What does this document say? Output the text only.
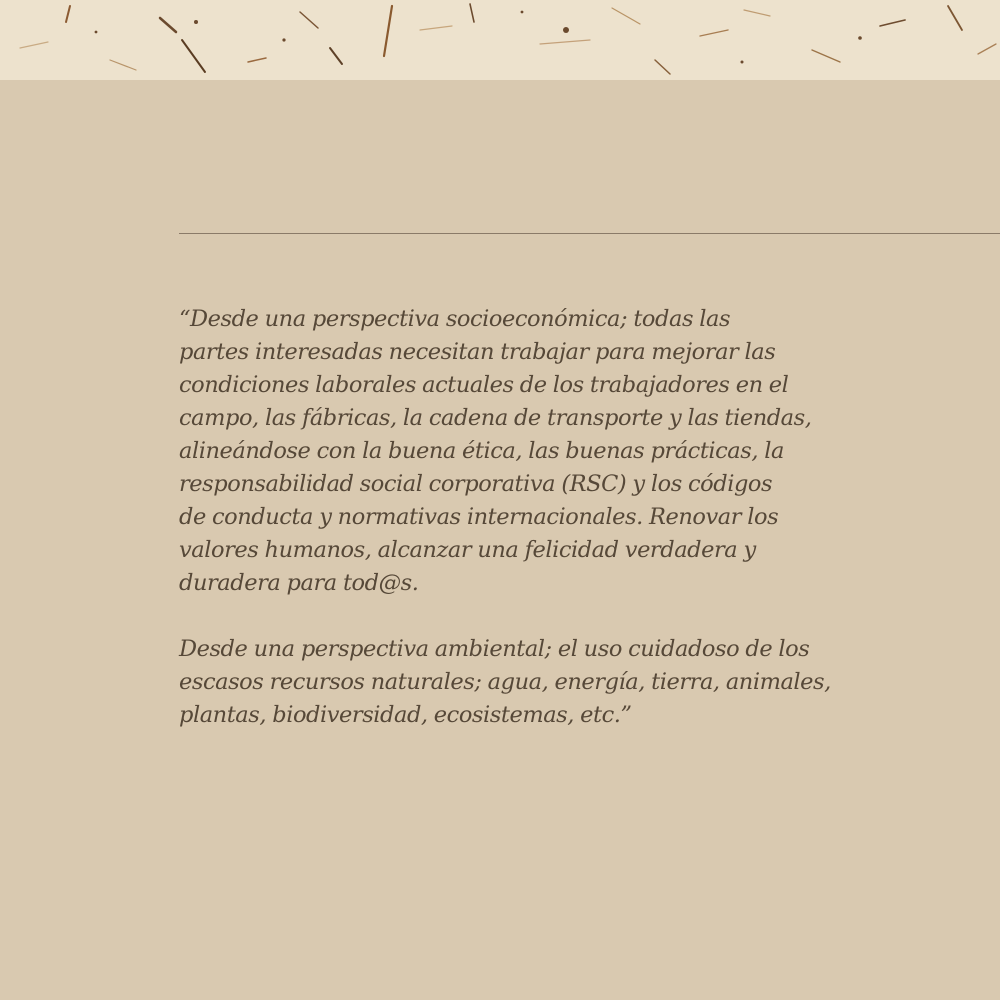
“Desde una perspectiva socioeconómica; todas las
partes interesadas necesitan trabajar para mejorar las
condiciones laborales actuales de los trabajadores en el
campo, las fábricas, la cadena de transporte y las tiendas,
alineándose con la buena ética, las buenas prácticas, la
responsabilidad social corporativa (RSC) y los códigos
de conducta y normativas internacionales. Renovar los
valores humanos, alcanzar una felicidad verdadera y
duradera para tod@s.

Desde una perspectiva ambiental; el uso cuidadoso de los
escasos recursos naturales; agua, energía, tierra, animales,
plantas, biodiversidad, ecosistemas, etc.”
